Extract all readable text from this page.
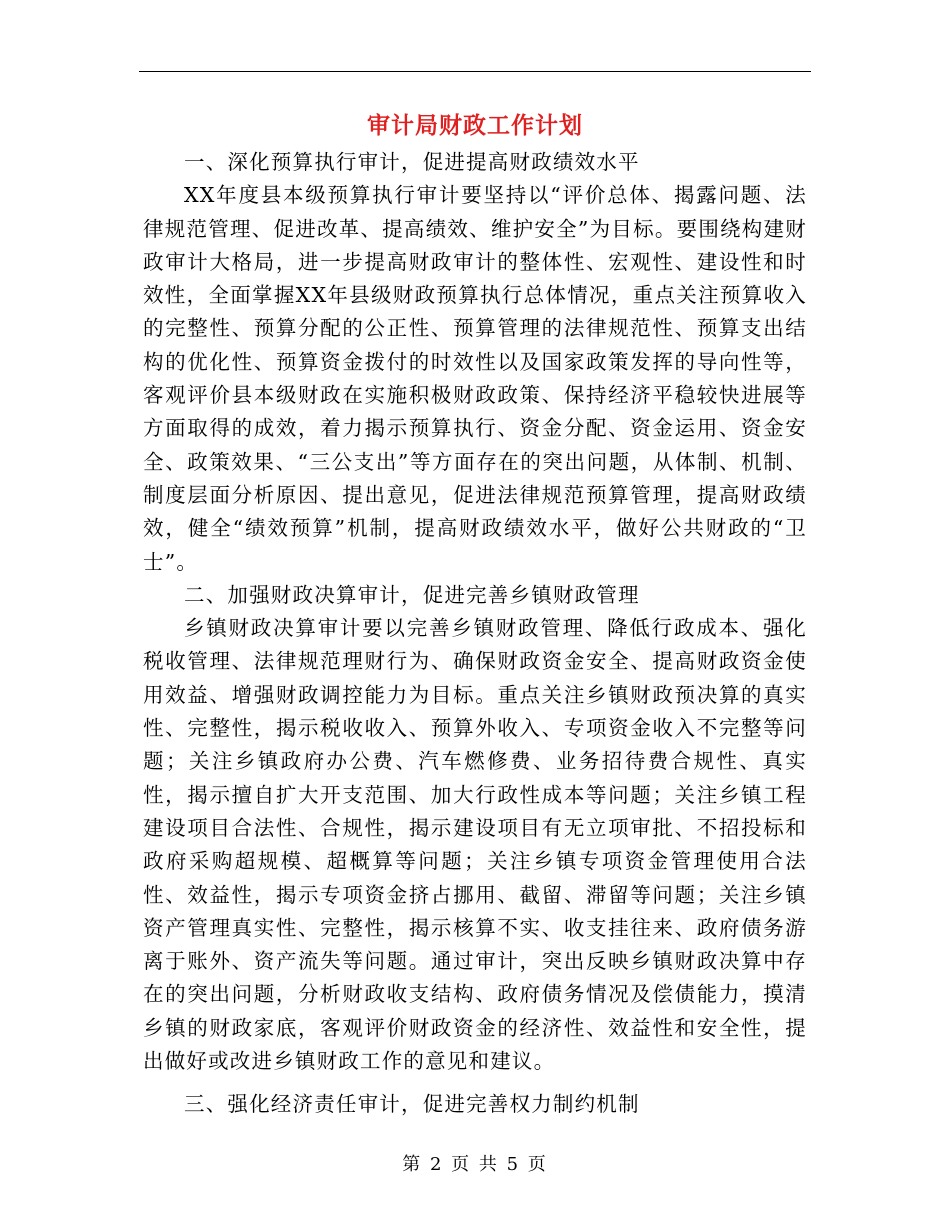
审计局财政工作计划

一、深化预算执行审计，促进提高财政绩效水平

XX年度县本级预算执行审计要坚持以“评价总体、揭露问题、法律规范管理、促进改革、提高绩效、维护安全”为目标。要围绕构建财政审计大格局，进一步提高财政审计的整体性、宏观性、建设性和时效性，全面掌握XX年县级财政预算执行总体情况，重点关注预算收入的完整性、预算分配的公正性、预算管理的法律规范性、预算支出结构的优化性、预算资金拨付的时效性以及国家政策发挥的导向性等，客观评价县本级财政在实施积极财政政策、保持经济平稳较快进展等方面取得的成效，着力揭示预算执行、资金分配、资金运用、资金安全、政策效果、“三公支出”等方面存在的突出问题，从体制、机制、制度层面分析原因、提出意见，促进法律规范预算管理，提高财政绩效，健全“绩效预算”机制，提高财政绩效水平，做好公共财政的“卫士”。

二、加强财政决算审计，促进完善乡镇财政管理

乡镇财政决算审计要以完善乡镇财政管理、降低行政成本、强化税收管理、法律规范理财行为、确保财政资金安全、提高财政资金使用效益、增强财政调控能力为目标。重点关注乡镇财政预决算的真实性、完整性，揭示税收收入、预算外收入、专项资金收入不完整等问题；关注乡镇政府办公费、汽车燃修费、业务招待费合规性、真实性，揭示擅自扩大开支范围、加大行政性成本等问题；关注乡镇工程建设项目合法性、合规性，揭示建设项目有无立项审批、不招投标和政府采购超规模、超概算等问题；关注乡镇专项资金管理使用合法性、效益性，揭示专项资金挤占挪用、截留、滞留等问题；关注乡镇资产管理真实性、完整性，揭示核算不实、收支挂往来、政府债务游离于账外、资产流失等问题。通过审计，突出反映乡镇财政决算中存在的突出问题，分析财政收支结构、政府债务情况及偿债能力，摸清乡镇的财政家底，客观评价财政资金的经济性、效益性和安全性，提出做好或改进乡镇财政工作的意见和建议。

三、强化经济责任审计，促进完善权力制约机制

第 2 页 共 5 页
